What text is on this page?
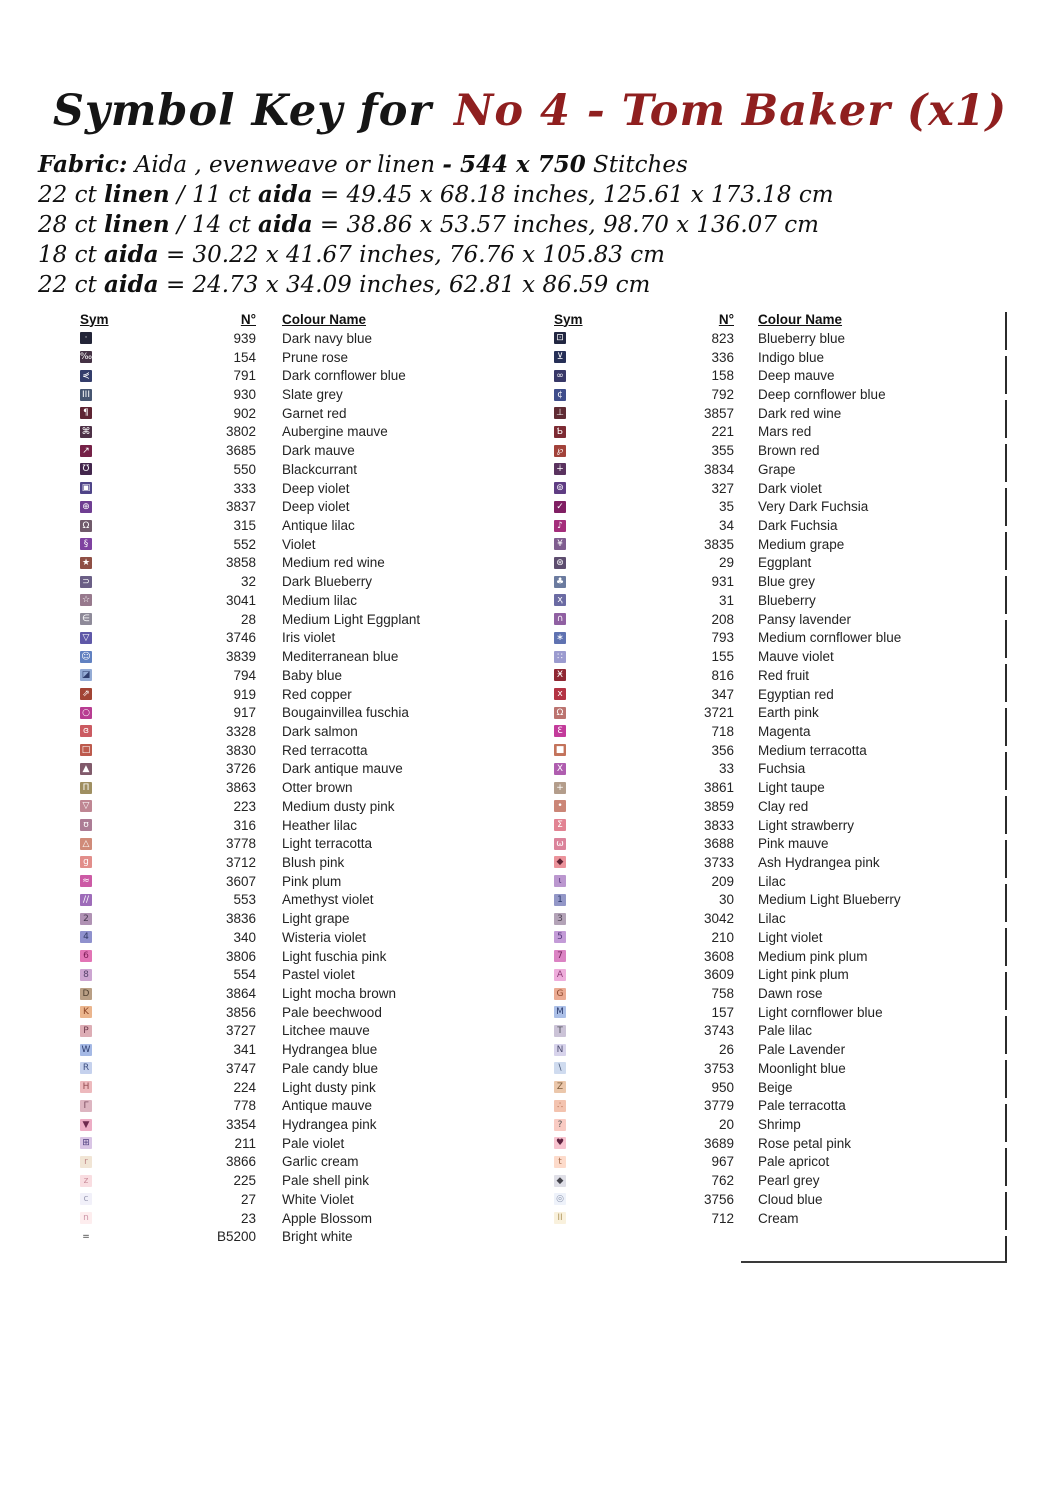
Symbol Key for No 4 - Tom Baker (x1)
Fabric: Aida , evenweave or linen - 544 x 750 Stitches
22 ct linen / 11 ct aida = 49.45 x 68.18 inches, 125.61 x 173.18 cm
28 ct linen / 14 ct aida = 38.86 x 53.57 inches, 98.70 x 136.07 cm
18 ct aida = 30.22 x 41.67 inches, 76.76 x 105.83 cm
22 ct aida = 24.73 x 34.09 inches, 62.81 x 86.59 cm
Sym	N°	Colour Name
·	939	Dark navy blue
‰	154	Prune rose
⋞	791	Dark cornflower blue
III	930	Slate grey
¶	902	Garnet red
⌘	3802	Aubergine mauve
↗	3685	Dark mauve
Ʊ	550	Blackcurrant
▣	333	Deep violet
⊕	3837	Deep violet
Ω	315	Antique lilac
§	552	Violet
★	3858	Medium red wine
⊃	32	Dark Blueberry
☆	3041	Medium lilac
∈	28	Medium Light Eggplant
▽	3746	Iris violet
☺	3839	Mediterranean blue
◪	794	Baby blue
⇗	919	Red copper
○	917	Bougainvillea fuschia
ɞ	3328	Dark salmon
□	3830	Red terracotta
▲	3726	Dark antique mauve
Π	3863	Otter brown
▽	223	Medium dusty pink
ʊ	316	Heather lilac
△	3778	Light terracotta
g	3712	Blush pink
≈	3607	Pink plum
//	553	Amethyst violet
2	3836	Light grape
4	340	Wisteria violet
6	3806	Light fuschia pink
8	554	Pastel violet
D	3864	Light mocha brown
K	3856	Pale beechwood
P	3727	Litchee mauve
W	341	Hydrangea blue
R	3747	Pale candy blue
H	224	Light dusty pink
Γ	778	Antique mauve
▼	3354	Hydrangea pink
⊞	211	Pale violet
r	3866	Garlic cream
z	225	Pale shell pink
c	27	White Violet
n	23	Apple Blossom
=	B5200	Bright white
Sym	N°	Colour Name
⊡	823	Blueberry blue
⊻	336	Indigo blue
∞	158	Deep mauve
¢	792	Deep cornflower blue
⊥	3857	Dark red wine
Ƅ	221	Mars red
℘	355	Brown red
∔	3834	Grape
⊚	327	Dark violet
✓	35	Very Dark Fuchsia
♪	34	Dark Fuchsia
¥	3835	Medium grape
⊛	29	Eggplant
♣	931	Blue grey
ҳ	31	Blueberry
∩	208	Pansy lavender
∗	793	Medium cornflower blue
∷	155	Mauve violet
Ӿ	816	Red fruit
x	347	Egyptian red
Ω	3721	Earth pink
Ɛ	718	Magenta
■	356	Medium terracotta
Χ	33	Fuchsia
+	3861	Light taupe
•	3859	Clay red
Σ	3833	Light strawberry
ω	3688	Pink mauve
◆	3733	Ash Hydrangea pink
ι	209	Lilac
1	30	Medium Light Blueberry
3	3042	Lilac
5	210	Light violet
7	3608	Medium pink plum
A	3609	Light pink plum
G	758	Dawn rose
M	157	Light cornflower blue
T	3743	Pale lilac
N	26	Pale Lavender
\	3753	Moonlight blue
Z	950	Beige
∴	3779	Pale terracotta
?	20	Shrimp
♥	3689	Rose petal pink
t	967	Pale apricot
◆	762	Pearl grey
◎	3756	Cloud blue
II	712	Cream
